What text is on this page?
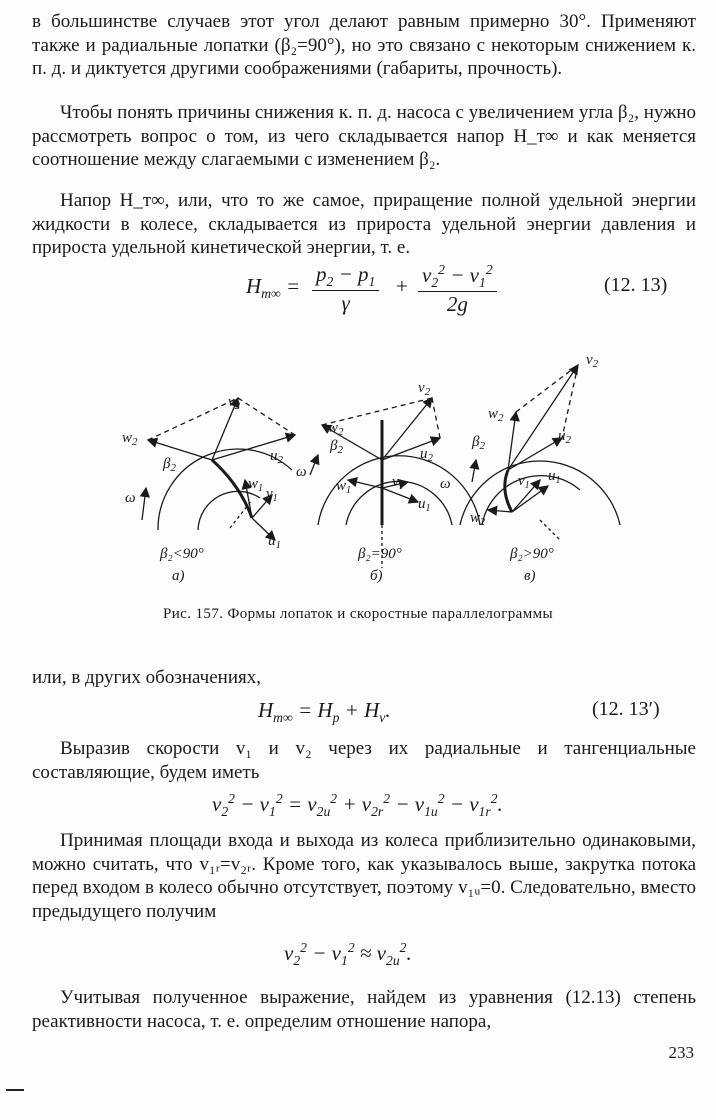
в большинстве случаев этот угол делают равным примерно 30°. Применяют также и радиальные лопатки (β₂=90°), но это связано с некоторым снижением к. п. д. и диктуется другими соображениями (габариты, прочность).

Чтобы понять причины снижения к. п. д. насоса с увеличением угла β₂, нужно рассмотреть вопрос о том, из чего складывается напор H_т∞ и как меняется соотношение между слагаемыми с изменением β₂.

Напор H_т∞, или, что то же самое, приращение полной удельной энергии жидкости в колесе, складывается из прироста удельной энергии давления и прироста удельной кинетической энергии, т. е.

$H_{т\infty} = \frac{p_2 - p_1}{\gamma} + \frac{v_2^2 - v_1^2}{2g}$	(12. 13)
$v_2$
$w_2$
$\beta_2$
$u_2$
$w_1$ $v_1$
$u_1$
ω
ω
$v_2$
$w_2$
$\beta_2$	$u_2$
$w_1$
$v_1$
$u_1$
ω
$v_2$
$w_2$
$\beta_2$
$u_2$
$v_1$
$u_1$
$w_2$
β₂<90°
а)
β₂=90°
б)
β₂>90°
в)
Рис. 157. Формы лопаток и скоростные параллелограммы

или, в других обозначениях,

$H_{т\infty} = H_p + H_v$.	(12. 13′)

Выразив скорости v₁ и v₂ через их радиальные и тангенциальные составляющие, будем иметь

$v_2^2 - v_1^2 = v_{2u}^2 + v_{2r}^2 - v_{1u}^2 - v_{1r}^2$.

Принимая площади входа и выхода из колеса приблизительно одинаковыми, можно считать, что v₁ᵣ=v₂ᵣ. Кроме того, как указывалось выше, закрутка потока перед входом в колесо обычно отсутствует, поэтому v₁ᵤ=0. Следовательно, вместо предыдущего получим

$v_2^2 - v_1^2 \approx v_{2u}^2$.

Учитывая полученное выражение, найдем из уравнения (12.13) степень реактивности насоса, т. е. определим отношение напора,

233
